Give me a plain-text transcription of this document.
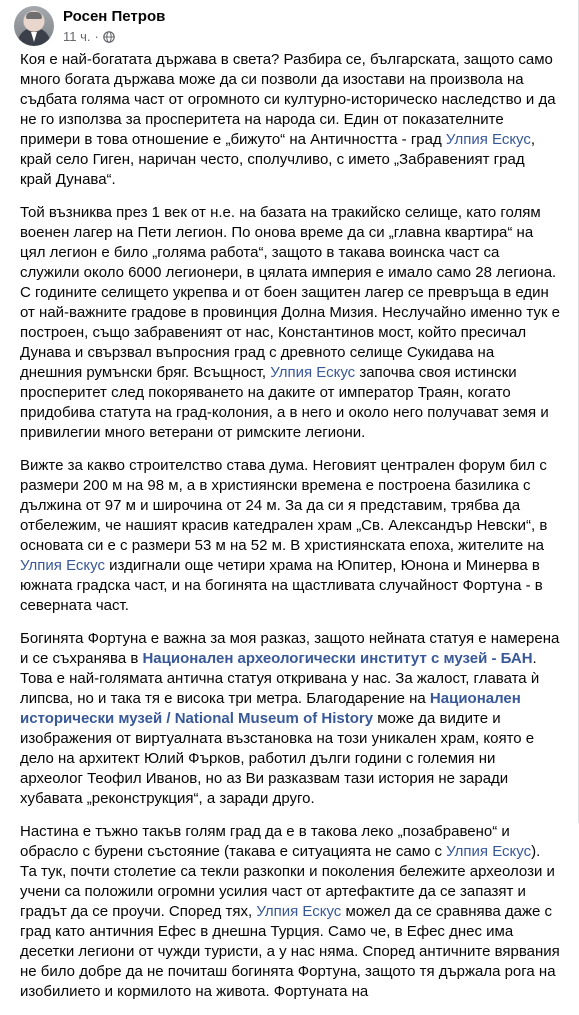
Росен Петров
11 ч. ·

Коя е най-богатата държава в света? Разбира се, българската, защото само много богата държава може да си позволи да изостави на произвола на съдбата голяма част от огромното си културно-историческо наследство и да не го използва за просперитета на народа си. Един от показателните примери в това отношение е „бижуто“ на Античността - град Улпия Ескус, край село Гиген, наричан често, сполучливо, с името „Забравеният град край Дунава“.

Той възниква през 1 век от н.е. на базата на тракийско селище, като голям военен лагер на Пети легион. По онова време да си „главна квартира“ на цял легион е било „голяма работа“, защото в такава воинска част са служили около 6000 легионери, в цялата империя е имало само 28 легиона. С годините селището укрепва и от боен защитен лагер се превръща в един от най-важните градове в провинция Долна Мизия. Неслучайно именно тук е построен, също забравеният от нас, Константинов мост, който пресичал Дунава и свързвал въпросния град с древното селище Сукидава на днешния румънски бряг. Всъщност, Улпия Ескус започва своя истински просперитет след покоряването на даките от император Траян, когато придобива статута на град-колония, а в него и около него получават земя и привилегии много ветерани от римските легиони.

Вижте за какво строителство става дума. Неговият централен форум бил с размери 200 м на 98 м, а в християнски времена е построена базилика с дължина от 97 м и широчина от 24 м. За да си я представим, трябва да отбележим, че нашият красив катедрален храм „Св. Александър Невски“, в основата си е с размери 53 м на 52 м. В християнската епоха, жителите на Улпия Ескус издигнали още четири храма на Юпитер, Юнона и Минерва в южната градска част, и на богинята на щастливата случайност Фортуна - в северната част.

Богинята Фортуна е важна за моя разказ, защото нейната статуя е намерена и се съхранява в Национален археологически институт с музей - БАН. Това е най-голямата антична статуя откривана у нас. За жалост, главата ѝ липсва, но и така тя е висока три метра. Благодарение на Национален исторически музей / National Museum of History може да видите и изображения от виртуалната възстановка на този уникален храм, която е дело на архитект Юлий Фърков, работил дълги години с големия ни археолог Теофил Иванов, но аз Ви разказвам тази история не заради хубавата „реконструкция“, а заради друго.

Настина е тъжно такъв голям град да е в такова леко „позабравено“ и обрасло с бурени състояние (такава е ситуацията не само с Улпия Ескус). Та тук, почти столетие са текли разкопки и поколения бележите археолози и учени са положили огромни усилия част от артефактите да се запазят и градът да се проучи. Според тях, Улпия Ескус можел да се сравнява даже с град като античния Ефес в днешна Турция. Само че, в Ефес днес има десетки легиони от чужди туристи, а у нас няма. Според античните вярвания не било добре да не почиташ богинята Фортуна, защото тя държала рога на изобилието и кормилото на живота. Фортуната на
